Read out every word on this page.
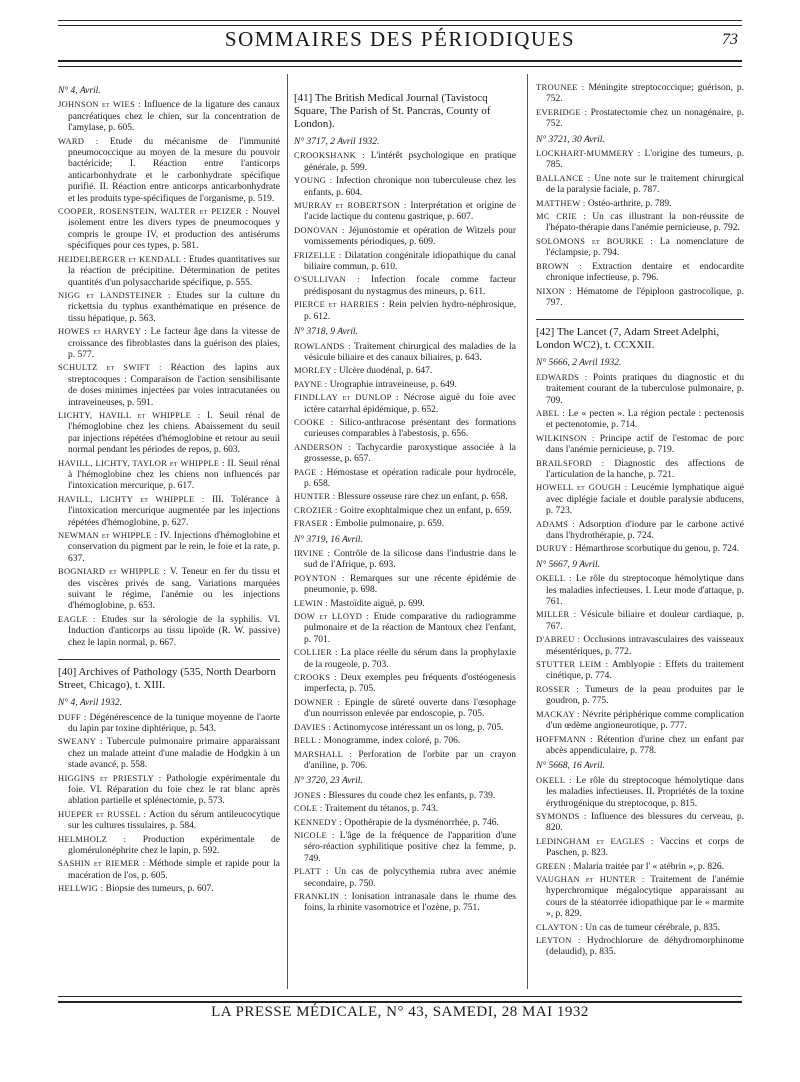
SOMMAIRES DES PÉRIODIQUES	73
N° 4, Avril.
JOHNSON et WIES : Influence de la ligature des canaux pancréatiques chez le chien, sur la concentration de l'amylase, p. 605.
WARD : Etude du mécanisme de l'immunité pneumococcique au moyen de la mesure du pouvoir bactéricide; I. Réaction entre l'anticorps anticarbonhydrate et le carbonhydrate spécifique purifié. II. Réaction entre anticorps anticarbonhydrate et les produits type-spécifiques de l'organisme, p. 519.
COOPER, ROSENSTEIN, WALTER et PEIZER : Nouvel isolement entre les divers types de pneumocoques y compris le groupe IV, et production des antisérums spécifiques pour ces types, p. 581.
HEIDELBERGER et KENDALL : Etudes quantitatives sur la réaction de précipitine. Détermination de petites quantités d'un polysaccharide spécifique, p. 555.
NIGG et LANDSTEINER : Etudes sur la culture du rickettsia du typhus exanthématique en présence de tissu hépatique, p. 563.
HOWES et HARVEY : Le facteur âge dans la vitesse de croissance des fibroblastes dans la guérison des plaies, p. 577.
SCHULTZ et SWIFT : Réaction des lapins aux streptocoques : Comparaison de l'action sensibilisante de doses minimes injectées par voies intracutanées ou intraveineuses, p. 591.
LICHTY, HAVILL et WHIPPLE : I. Seuil rénal de l'hémoglobine chez les chiens. Abaissement du seuil par injections répétées d'hémoglobine et retour au seuil normal pendant les périodes de repos, p. 603.
HAVILL, LICHTY, TAYLOR et WHIPPLE : II. Seuil rénal à l'hémoglobine chez les chiens non influencés par l'intoxication mercurique, p. 617.
HAVILL, LICHTY et WHIPPLE : III. Tolérance à l'intoxication mercurique augmentée par les injections répétées d'hémoglobine, p. 627.
NEWMAN et WHIPPLE : IV. Injections d'hémoglobine et conservation du pigment par le rein, le foie et la rate, p. 637.
BOGNIARD et WHIPPLE : V. Teneur en fer du tissu et des viscères privés de sang. Variations marquées suivant le régime, l'anémie ou les injections d'hémoglobine, p. 653.
EAGLE : Etudes sur la sérologie de la syphilis. VI. Induction d'anticorps au tissu lipoïde (R. W. passive) chez le lapin normal, p. 667.
[40] Archives of Pathology (535, North Dearborn Street, Chicago), t. XIII.
N° 4, Avril 1932.
DUFF : Dégénérescence de la tunique moyenne de l'aorte du lapin par toxine diphtérique, p. 543.
SWEANY : Tubercule pulmonaire primaire apparaissant chez un malade atteint d'une maladie de Hodgkin à un stade avancé, p. 558.
HIGGINS et PRIESTLY : Pathologie expérimentale du foie. VI. Réparation du foie chez le rat blanc après ablation partielle et splénectomie, p. 573.
HUEPER et RUSSEL : Action du sérum antileucocytique sur les cultures tissulaires, p. 584.
HELMHOLZ : Production expérimentale de glomérulonéphrite chez le lapin, p. 592.
SASHIN et RIEMER : Méthode simple et rapide pour la macération de l'os, p. 605.
HELLWIG : Biopsie des tumeurs, p. 607.
[41] The British Medical Journal (Tavistocq Square, The Parish of St. Pancras, County of London).
N° 3717, 2 Avril 1932.
CROOKSHANK : L'intérêt psychologique en pratique générale, p. 599.
YOUNG : Infection chronique non tuberculeuse chez les enfants, p. 604.
MURRAY et ROBERTSON : Interprétation et origine de l'acide lactique du contenu gastrique, p. 607.
DONOVAN : Jéjunostomie et opération de Witzels pour vomissements périodiques, p. 609.
FRIZELLE : Dilatation congénitale idiopathique du canal biliaire commun, p. 610.
O'SULLIVAN : Infection focale comme facteur prédisposant du nystagmus des mineurs, p. 611.
PIERCE et HARRIES : Rein pelvien hydro-néphrosique, p. 612.
N° 3718, 9 Avril.
ROWLANDS : Traitement chirurgical des maladies de la vésicule biliaire et des canaux biliaires, p. 643.
MORLEY : Ulcère duodénal, p. 647.
PAYNE : Urographie intraveineuse, p. 649.
FINDLLAY et DUNLOP : Nécrose aiguë du foie avec ictère catarrhal épidémique, p. 652.
COOKE : Silico-anthracose présentant des formations curieuses comparables à l'abestosis, p. 656.
ANDERSON : Tachycardie paroxystique associée à la grossesse, p. 657.
PAGE : Hémostase et opération radicale pour hydrocèle, p. 658.
HUNTER : Blessure osseuse rare chez un enfant, p. 658.
CROZIER : Goitre exophtalmique chez un enfant, p. 659.
FRASER : Embolie pulmonaire, p. 659.
N° 3719, 16 Avril.
IRVINE : Contrôle de la silicose dans l'industrie dans le sud de l'Afrique, p. 693.
POYNTON : Remarques sur une récente épidémie de pneumonie, p. 698.
LEWIN : Mastoïdite aiguë, p. 699.
DOW et LLOYD : Etude comparative du radiogramme pulmonaire et de la réaction de Mantoux chez l'enfant, p. 701.
COLLIER : La place réelle du sérum dans la prophylaxie de la rougeole, p. 703.
CROOKS : Deux exemples peu fréquents d'ostéogenesis imperfecta, p. 705.
DOWNER : Epingle de sûreté ouverte dans l'œsophage d'un nourrisson enlevée par endoscopie, p. 705.
DAVIES : Actinomycose intéressant un os long, p. 705.
BELL : Monogramme, index coloré, p. 706.
MARSHALL : Perforation de l'orbite par un crayon d'aniline, p. 706.
N° 3720, 23 Avril.
JONES : Blessures du coude chez les enfants, p. 739.
COLE : Traitement du tétanos, p. 743.
KENNEDY : Opothérapie de la dysménorrhée, p. 746.
NICOLE : L'âge de la fréquence de l'apparition d'une séro-réaction syphilitique positive chez la femme, p. 749.
PLATT : Un cas de polycythemia rubra avec anémie secondaire, p. 750.
FRANKLIN : Ionisation intranasale dans le rhume des foins, la rhinite vasomotrice et l'ozène, p. 751.
TROUNEE : Méningite streptococcique; guérison, p. 752.
EVERIDGE : Prostatectomie chez un nonagénaire, p. 752.
N° 3721, 30 Avril.
LOCKHART-MUMMERY : L'origine des tumeurs, p. 785.
BALLANCE : Une note sur le traitement chirurgical de la paralysie faciale, p. 787.
MATTHEW : Ostéo-arthrite, p. 789.
MC CRIE : Un cas illustrant la non-réussite de l'hépato-thérapie dans l'anémie pernicieuse, p. 792.
SOLOMONS et BOURKE : La nomenclature de l'éclampsie, p. 794.
BROWN : Extraction dentaire et endocardite chronique infectieuse, p. 796.
NIXON : Hématome de l'épiploon gastrocolique, p. 797.
[42] The Lancet (7, Adam Street Adelphi, London WC2), t. CCXXII.
N° 5666, 2 Avril 1932.
EDWARDS : Points pratiques du diagnostic et du traitement courant de la tuberculose pulmonaire, p. 709.
ABEL : Le « pecten ». La région pectale : pectenosis et pectenotomie, p. 714.
WILKINSON : Principe actif de l'estomac de porc dans l'anémie pernicieuse, p. 719.
BRAILSFORD : Diagnostic des affections de l'articulation de la hanche, p. 721.
HOWELL et GOUGH : Leucémie lymphatique aiguë avec diplégie faciale et double paralysie abducens, p. 723.
ADAMS : Adsorption d'iodure par le carbone activé dans l'hydrothérapie, p. 724.
DURUY : Hémarthrose scorbutique du genou, p. 724.
N° 5667, 9 Avril.
OKELL : Le rôle du streptocoque hémolytique dans les maladies infectieuses. I. Leur mode d'attaque, p. 761.
MILLER : Vésicule biliaire et douleur cardiaque, p. 767.
D'ABREU : Occlusions intravasculaires des vaisseaux mésentériques, p. 772.
STUTTER LEIM : Amblyopie : Effets du traitement cinétique, p. 774.
ROSSER : Tumeurs de la peau produites par le goudron, p. 775.
MACKAY : Névrite périphérique comme complication d'un œdème angioneurotique, p. 777.
HOFFMANN : Rétention d'urine chez un enfant par abcès appendiculaire, p. 778.
N° 5668, 16 Avril.
OKELL : Le rôle du streptocoque hémolytique dans les maladies infectieuses. II. Propriétés de la toxine érythrogénique du streptocoque, p. 815.
SYMONDS : Influence des blessures du cerveau, p. 820.
LEDINGHAM et EAGLES : Vaccins et corps de Paschen, p. 823.
GREEN : Malaria traitée par l' « atébrin », p. 826.
VAUGHAN et HUNTER : Traitement de l'anémie hyperchromique mégalocytique apparaissant au cours de la stéatorrée idiopathique par le « marmite », p. 829.
CLAYTON : Un cas de tumeur cérébrale, p. 835.
LEYTON : Hydrochlorure de déhydromorphinome (delaudid), p. 835.
LA PRESSE MÉDICALE, N° 43, SAMEDI, 28 MAI 1932
